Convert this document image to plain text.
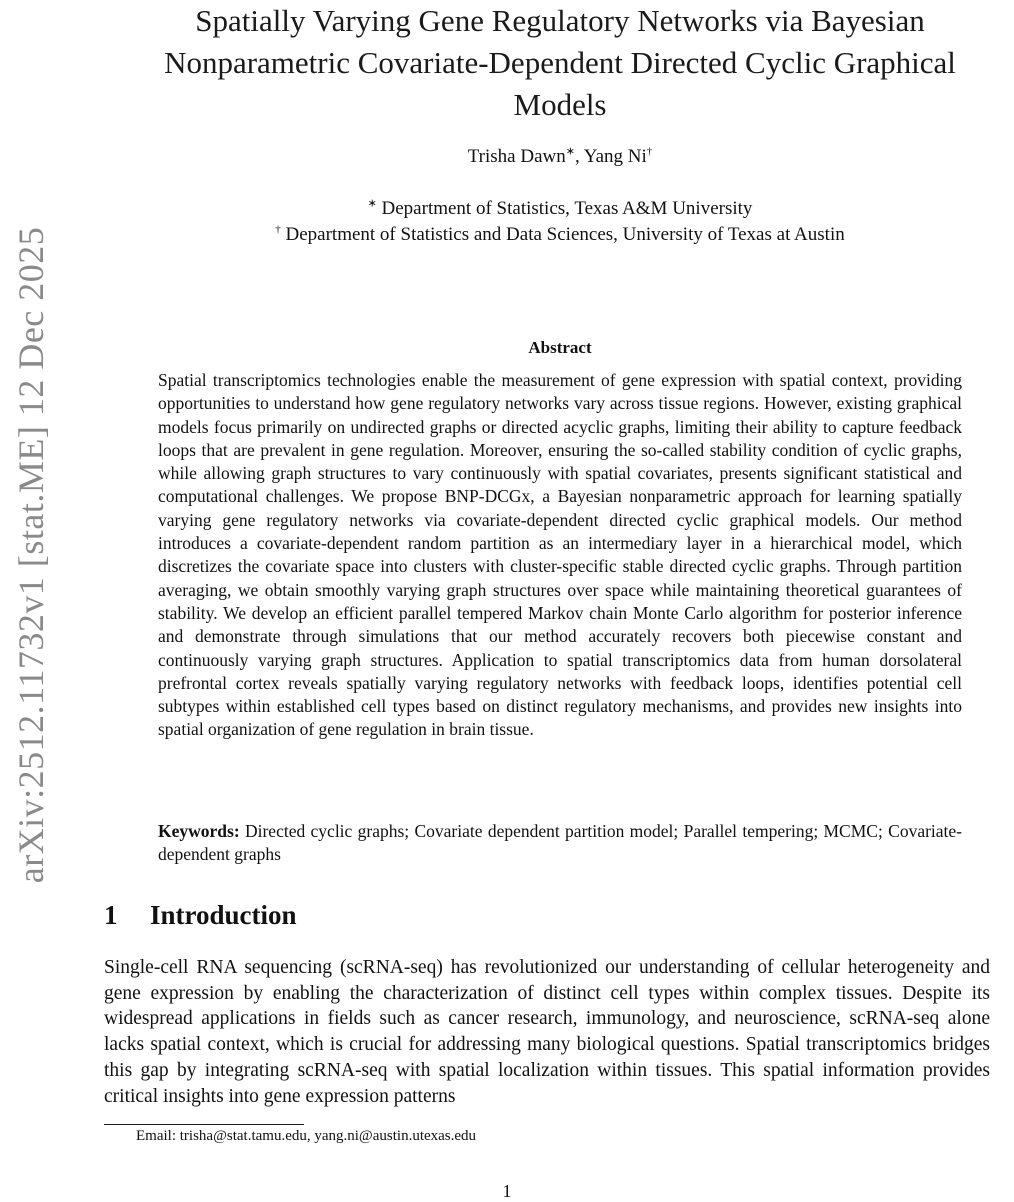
arXiv:2512.11732v1 [stat.ME] 12 Dec 2025
Spatially Varying Gene Regulatory Networks via Bayesian
Nonparametric Covariate-Dependent Directed Cyclic Graphical
Models
Trisha Dawn∗, Yang Ni†
∗ Department of Statistics, Texas A&M University
† Department of Statistics and Data Sciences, University of Texas at Austin
Abstract
Spatial transcriptomics technologies enable the measurement of gene expression with spatial context, providing opportunities to understand how gene regulatory networks vary across tissue regions. However, existing graphical models focus primarily on undirected graphs or directed acyclic graphs, limiting their ability to capture feedback loops that are prevalent in gene regulation. Moreover, ensuring the so-called stability condition of cyclic graphs, while allowing graph structures to vary continuously with spatial covariates, presents significant statistical and computational challenges. We propose BNP-DCGx, a Bayesian nonparametric approach for learning spatially varying gene regulatory networks via covariate-dependent directed cyclic graphical models. Our method introduces a covariate-dependent random partition as an intermediary layer in a hierarchical model, which discretizes the covariate space into clusters with cluster-specific stable directed cyclic graphs. Through partition averaging, we obtain smoothly varying graph structures over space while maintaining theoretical guarantees of stability. We develop an efficient parallel tempered Markov chain Monte Carlo algorithm for posterior inference and demonstrate through simulations that our method accurately recovers both piecewise constant and continuously varying graph structures. Application to spatial transcriptomics data from human dorsolateral prefrontal cortex reveals spatially varying regulatory networks with feedback loops, identifies potential cell subtypes within established cell types based on distinct regulatory mechanisms, and provides new insights into spatial organization of gene regulation in brain tissue.
Keywords: Directed cyclic graphs; Covariate dependent partition model; Parallel tempering; MCMC; Covariate-dependent graphs
1 Introduction
Single-cell RNA sequencing (scRNA-seq) has revolutionized our understanding of cellular heterogeneity and gene expression by enabling the characterization of distinct cell types within complex tissues. Despite its widespread applications in fields such as cancer research, immunology, and neuroscience, scRNA-seq alone lacks spatial context, which is crucial for addressing many biological questions. Spatial transcriptomics bridges this gap by integrating scRNA-seq with spatial localization within tissues. This spatial information provides critical insights into gene expression patterns
Email: trisha@stat.tamu.edu, yang.ni@austin.utexas.edu
1
